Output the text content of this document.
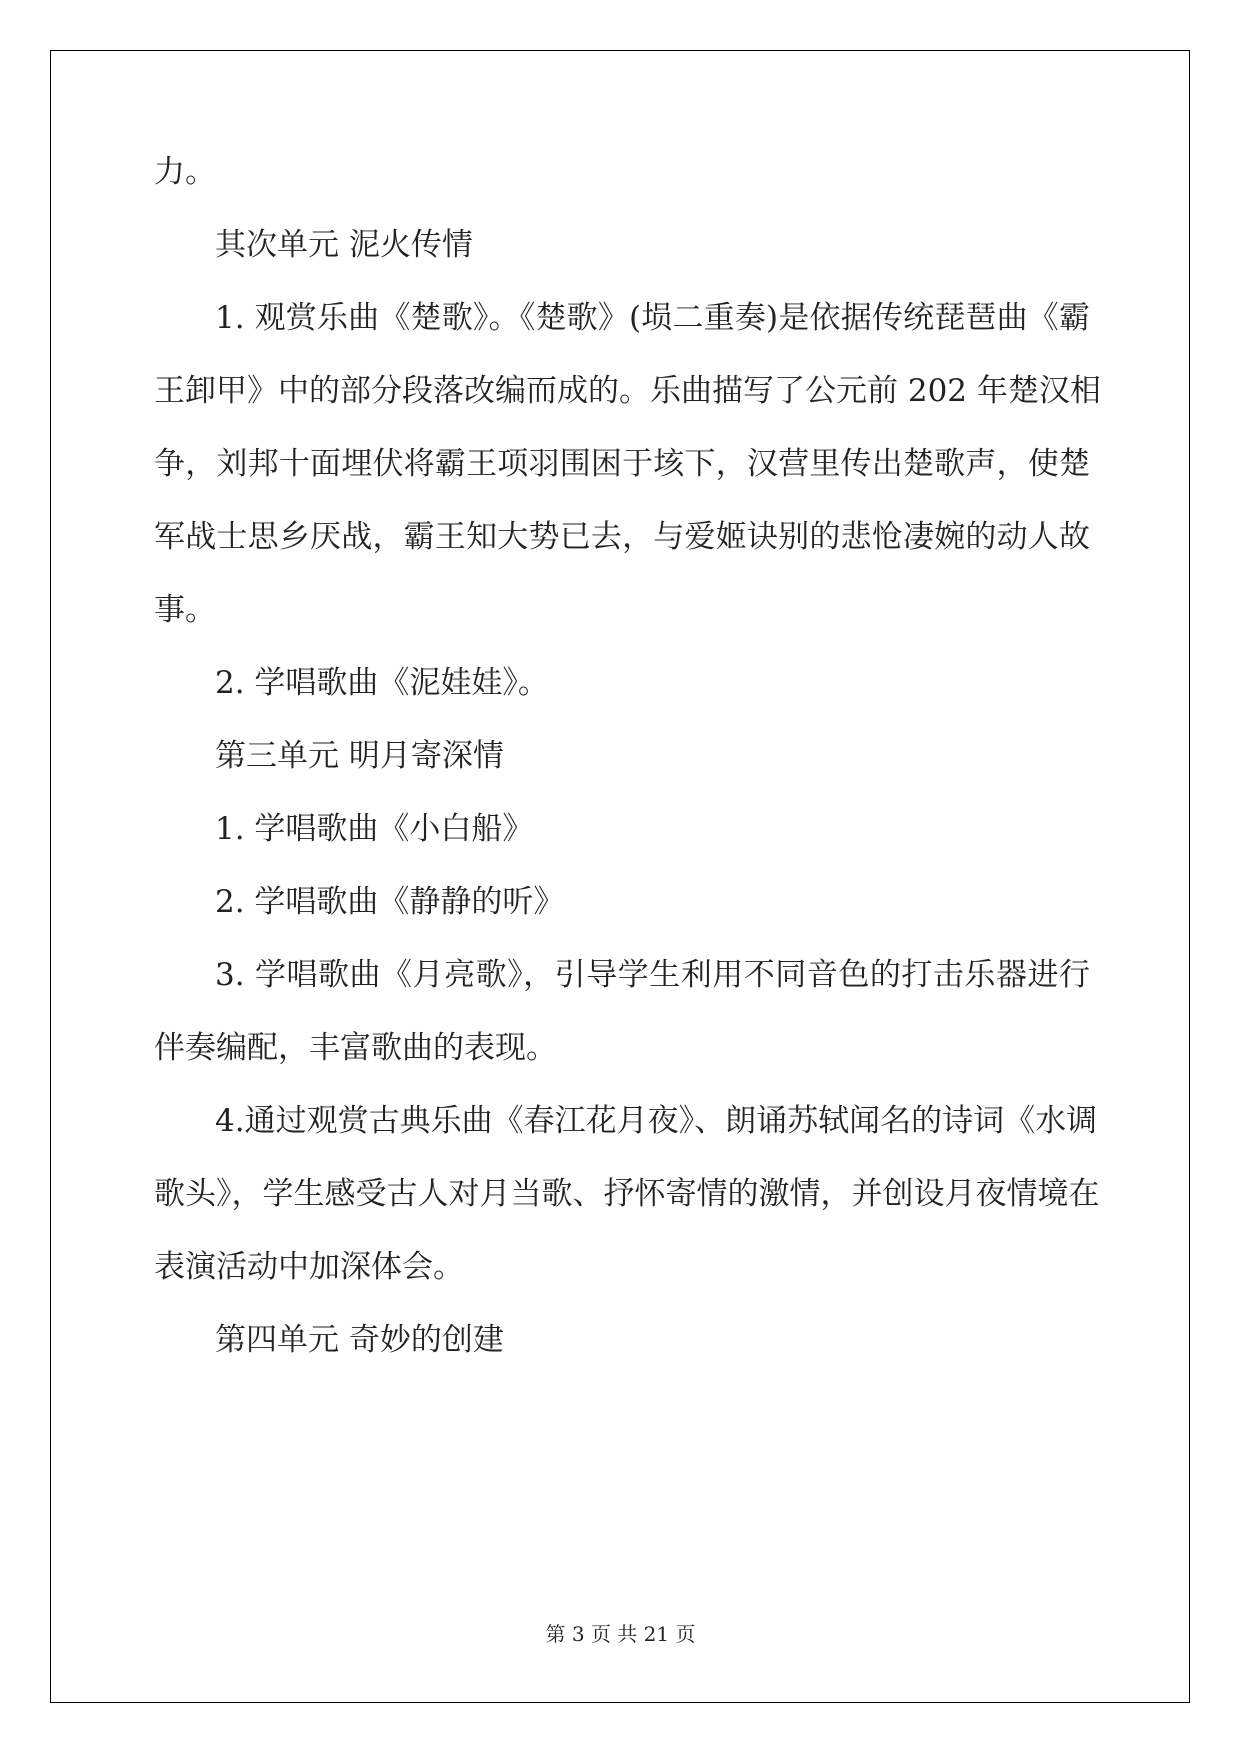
力。
其次单元 泥火传情
1. 观赏乐曲《楚歌》。《楚歌》(埙二重奏)是依据传统琵琶曲《霸
王卸甲》中的部分段落改编而成的。乐曲描写了公元前 202 年楚汉相
争，刘邦十面埋伏将霸王项羽围困于垓下，汉营里传出楚歌声，使楚
军战士思乡厌战，霸王知大势已去，与爱姬诀别的悲怆凄婉的动人故
事。
2. 学唱歌曲《泥娃娃》。
第三单元 明月寄深情
1. 学唱歌曲《小白船》
2. 学唱歌曲《静静的听》
3. 学唱歌曲《月亮歌》，引导学生利用不同音色的打击乐器进行
伴奏编配，丰富歌曲的表现。
4.通过观赏古典乐曲《春江花月夜》、朗诵苏轼闻名的诗词《水调
歌头》，学生感受古人对月当歌、抒怀寄情的激情，并创设月夜情境在
表演活动中加深体会。
第四单元 奇妙的创建
第 3 页 共 21 页
